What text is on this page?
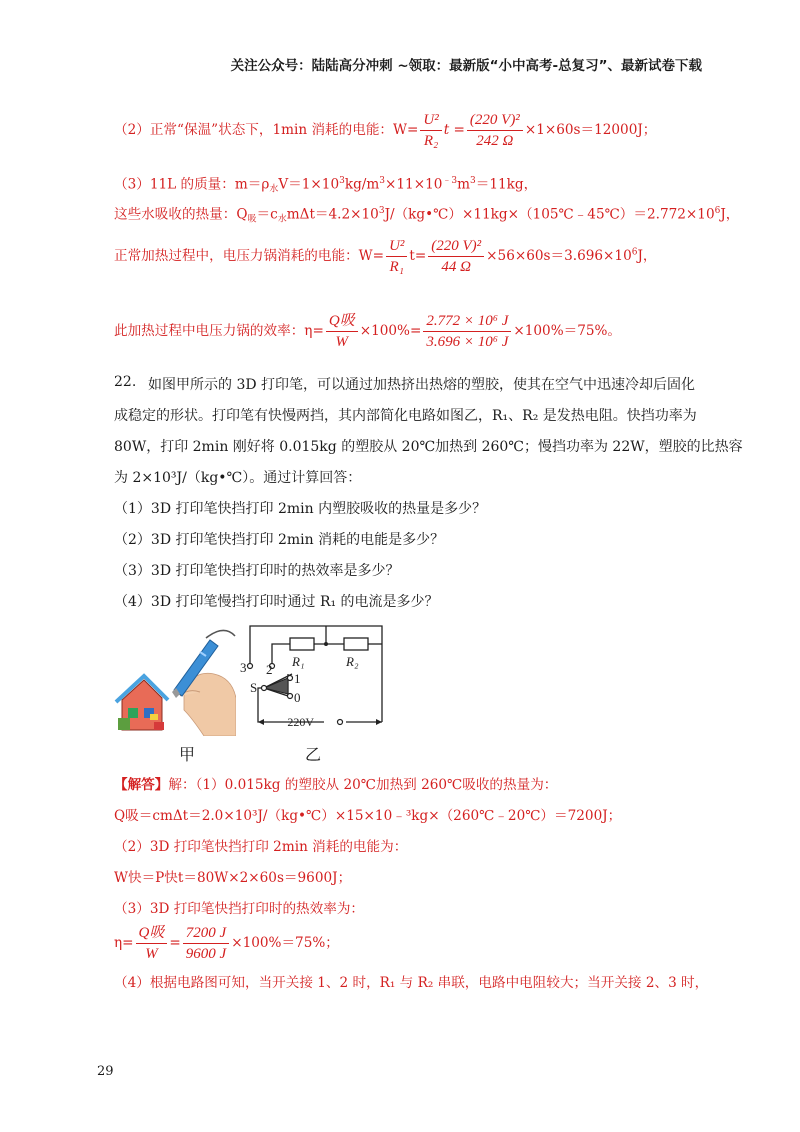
关注公众号：陆陆高分冲刺 ~领取：最新版“小中高考-总复习”、最新试卷下载
（2）正常“保温”状态下，1min 消耗的电能：$W= \frac{\text{U²}}{\text{R₂}}$ $t = \frac{\text{(220 V)²}}{242 \Omega} \times 1\times 60s=12000J$；
（3）11L 的质量：$m=\rho_水V=1\times 10^3kg/m^3\times 11\times 10^{﹣3}m^3=11kg$，
这些水吸收的热量：$Q_吸=c_水m\Delta t=4.2\times 10^3J/(kg•℃)\times 11kg\times(105℃﹣45℃)=2.772\times 10^6J$，
正常加热过程中，电压力锅消耗的电能：$W= \frac{\text{U²}}{\text{R₁}} t= \frac{\text{(220 V)²}}{44 \Omega} \times 56\times 60s=3.696\times 10^6J$，
此加热过程中电压力锅的效率：$\eta= \frac{\text{Q吸}}{W} \times 100\%= \frac{\text{2.772 × 10⁶ J}}{\text{3.696 × 10⁶ J}} \times 100\%=75\%$。
22. 如图甲所示的 3D 打印笔，可以通过加热挤出热熔的塑胶，使其在空气中迅速冷却后固化
成稳定的形状。打印笔有快慢两挡，其内部简化电路如图乙，R₁、R₂ 是发热电阻。快挡功率为
80W，打印 2min 刚好将 0.015kg 的塑胶从 20℃加热到 260℃；慢挡功率为 22W，塑胶的比热容
为 2×10³J/（kg•℃）。通过计算回答：
（1）3D 打印笔快挡打印 2min 内塑胶吸收的热量是多少？
（2）3D 打印笔快挡打印 2min 消耗的电能是多少？
（3）3D 打印笔快挡打印时的热效率是多少？
（4）3D 打印笔慢挡打印时通过 R₁ 的电流是多少？
3 2
1
0
S
R₁	R₂
220V
甲	乙
【解答】解：（1）0.015kg 的塑胶从 20℃加热到 260℃吸收的热量为：
Q吸＝cmΔt＝2.0×10³J/（kg•℃）×15×10﹣³kg×（260℃﹣20℃）＝7200J；
（2）3D 打印笔快挡打印 2min 消耗的电能为：
W快＝P快t＝80W×2×60s＝9600J；
（3）3D 打印笔快挡打印时的热效率为：
$\eta= \frac{\text{Q吸}}{W} = \frac{7200 J}{9600 J} \times 100\%=75\%$；
（4）根据电路图可知，当开关接 1、2 时，R₁ 与 R₂ 串联，电路中电阻较大；当开关接 2、3 时，
29
